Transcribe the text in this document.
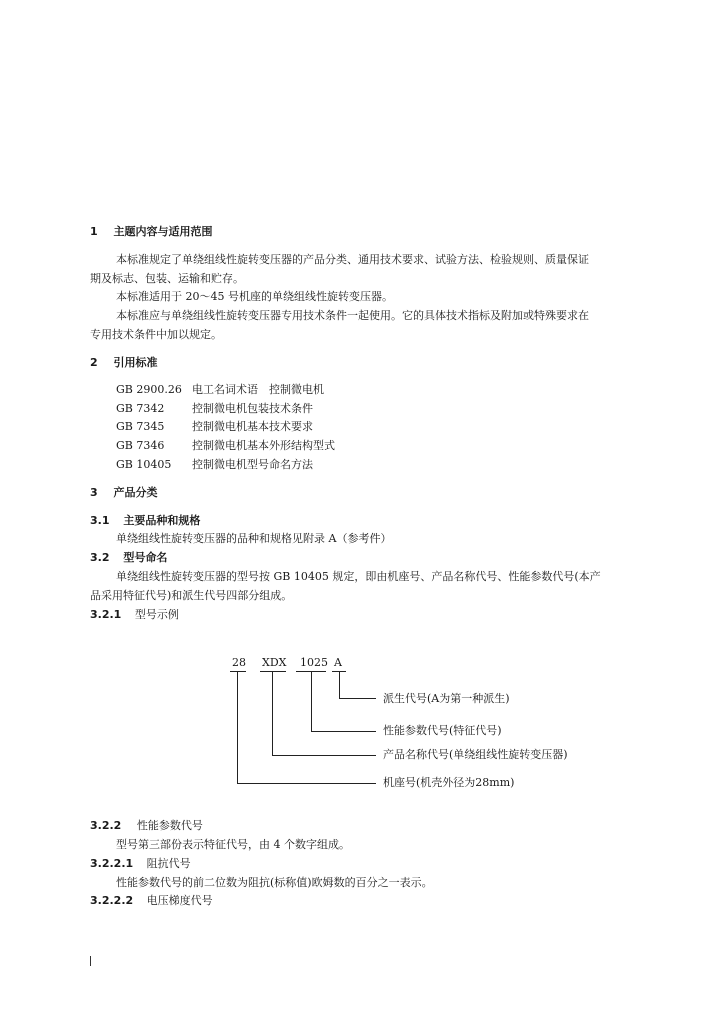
1 主题内容与适用范围
本标准规定了单绕组线性旋转变压器的产品分类、通用技术要求、试验方法、检验规则、质量保证
期及标志、包装、运输和贮存。
本标准适用于 20～45 号机座的单绕组线性旋转变压器。
本标准应与单绕组线性旋转变压器专用技术条件一起使用。它的具体技术指标及附加或特殊要求在
专用技术条件中加以规定。
2 引用标准
GB 2900.26 电工名词术语　控制微电机
GB 7342	控制微电机包装技术条件
GB 7345	控制微电机基本技术要求
GB 7346	控制微电机基本外形结构型式
GB 10405 控制微电机型号命名方法
3 产品分类
3.1 主要品种和规格
单绕组线性旋转变压器的品种和规格见附录 A（参考件）
3.2 型号命名
单绕组线性旋转变压器的型号按 GB 10405 规定，即由机座号、产品名称代号、性能参数代号(本产
品采用特征代号)和派生代号四部分组成。
3.2.1 型号示例
28 XDX 1025 A
派生代号(A为第一种派生)
性能参数代号(特征代号)
产品名称代号(单绕组线性旋转变压器)
机座号(机壳外径为28mm)
3.2.2 性能参数代号
型号第三部份表示特征代号，由 4 个数字组成。
3.2.2.1 阻抗代号
性能参数代号的前二位数为阻抗(标称值)欧姆数的百分之一表示。
3.2.2.2 电压梯度代号
